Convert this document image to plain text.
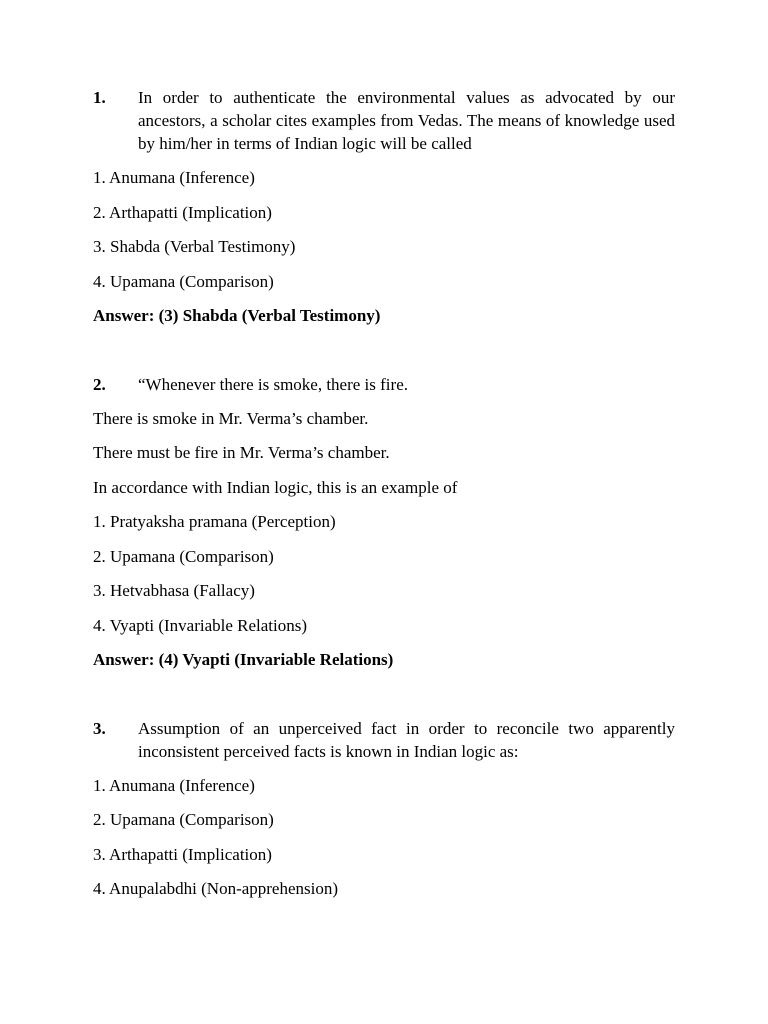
1.	In order to authenticate the environmental values as advocated by our ancestors, a scholar cites examples from Vedas. The means of knowledge used by him/her in terms of Indian logic will be called
1. Anumana (Inference)
2. Arthapatti (Implication)
3. Shabda (Verbal Testimony)
4. Upamana (Comparison)
Answer: (3) Shabda (Verbal Testimony)
2.	“Whenever there is smoke, there is fire.
There is smoke in Mr. Verma’s chamber.
There must be fire in Mr. Verma’s chamber.
In accordance with Indian logic, this is an example of
1. Pratyaksha pramana (Perception)
2. Upamana (Comparison)
3. Hetvabhasa (Fallacy)
4. Vyapti (Invariable Relations)
Answer: (4) Vyapti (Invariable Relations)
3.	Assumption of an unperceived fact in order to reconcile two apparently inconsistent perceived facts is known in Indian logic as:
1. Anumana (Inference)
2. Upamana (Comparison)
3. Arthapatti (Implication)
4. Anupalabdhi (Non-apprehension)
